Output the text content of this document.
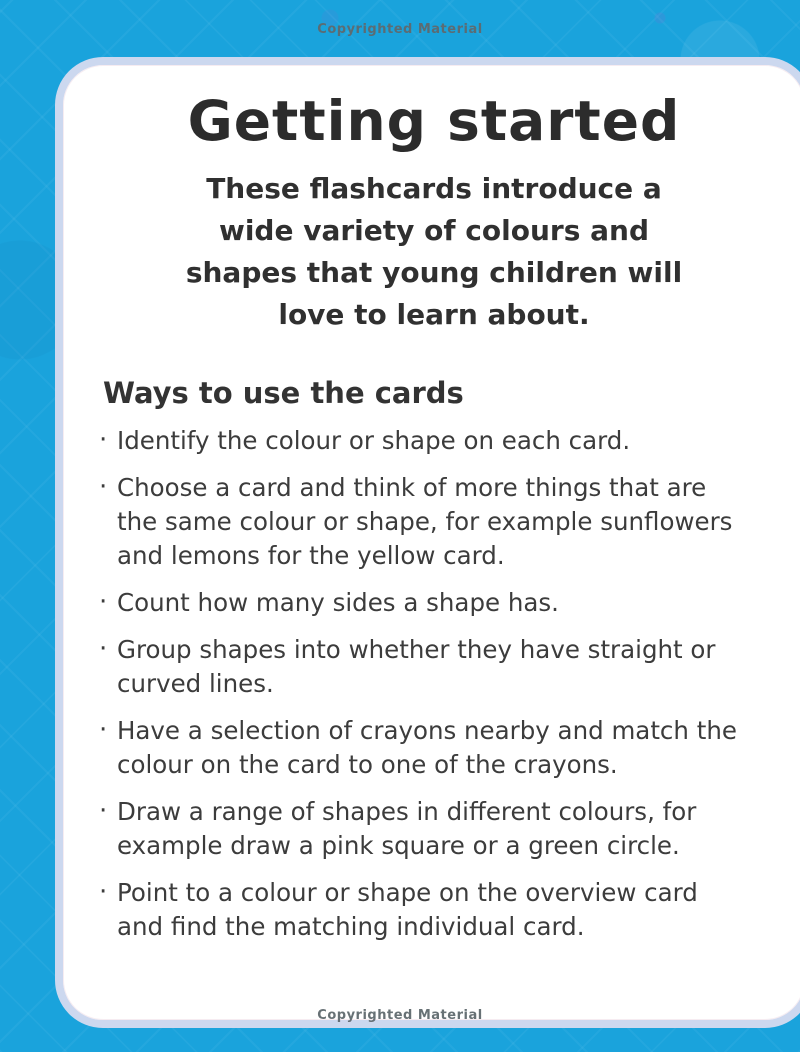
Copyrighted Material
Getting started
These flashcards introduce a
wide variety of colours and
shapes that young children will
love to learn about.
Ways to use the cards
· Identify the colour or shape on each card.
· Choose a card and think of more things that are the same colour or shape, for example sunflowers and lemons for the yellow card.
· Count how many sides a shape has.
· Group shapes into whether they have straight or curved lines.
· Have a selection of crayons nearby and match the colour on the card to one of the crayons.
· Draw a range of shapes in different colours, for example draw a pink square or a green circle.
· Point to a colour or shape on the overview card and find the matching individual card.
Copyrighted Material
